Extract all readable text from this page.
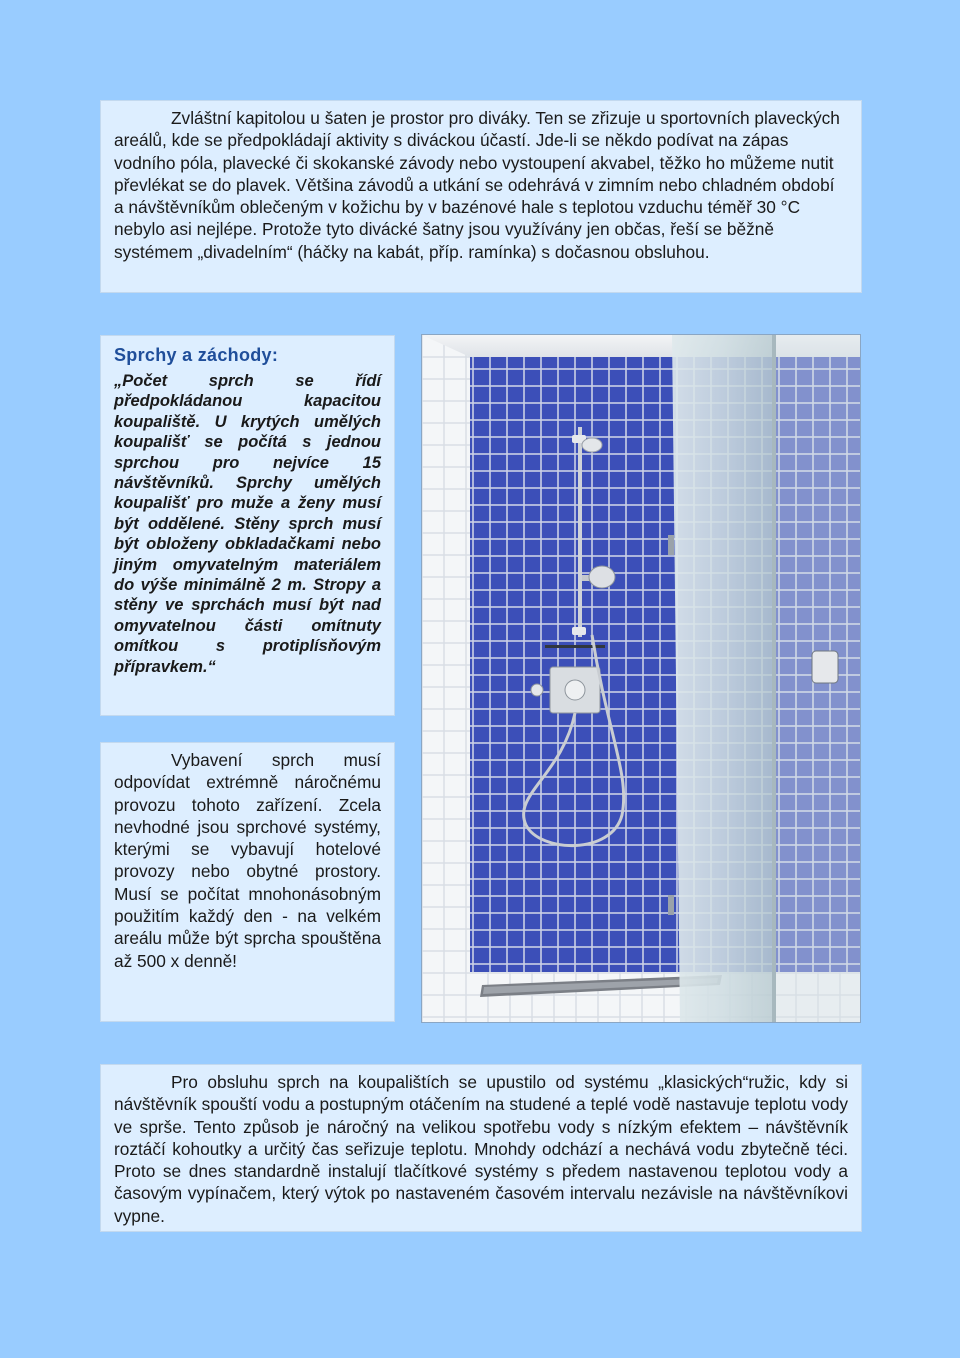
Zvláštní kapitolou u šaten je prostor pro diváky. Ten se zřizuje u sportovních plaveckých areálů, kde se předpokládají aktivity s diváckou účastí. Jde-li se někdo podívat na zápas vodního póla, plavecké či skokanské závody nebo vystoupení akvabel, těžko ho můžeme nutit převlékat se do plavek. Většina závodů a utkání se odehrává v zimním nebo chladném období a návštěvníkům oblečeným v kožichu by v bazénové hale s teplotou vzduchu téměř 30 °C nebylo asi nejlépe. Protože tyto divácké šatny jsou využívány jen občas, řeší se běžně systémem „divadelním“ (háčky na kabát, příp. ramínka) s dočasnou obsluhou.

Sprchy a záchody:

„Počet sprch se řídí předpokládanou kapacitou koupaliště. U krytých umělých koupališť se počítá s jednou sprchou pro nejvíce 15 návštěvníků. Sprchy umělých koupališť pro muže a ženy musí být oddělené. Stěny sprch musí být obloženy obkladačkami nebo jiným omyvatelným materiálem do výše minimálně 2 m. Stropy a stěny ve sprchách musí být nad omyvatelnou části omítnuty omítkou s protiplísňovým přípravkem.“

Vybavení sprch musí odpovídat extrémně náročnému provozu tohoto zařízení. Zcela nevhodné jsou sprchové systémy, kterými se vybavují hotelové provozy nebo obytné prostory. Musí se počítat mnohonásobným použitím každý den - na velkém areálu může být sprcha spouštěna až 500 x denně!

Pro obsluhu sprch na koupalištích se upustilo od systému „klasických“ružic, kdy si návštěvník spouští vodu a postupným otáčením na studené a teplé vodě nastavuje teplotu vody ve sprše. Tento způsob je náročný na velikou spotřebu vody s nízkým efektem – návštěvník roztáčí kohoutky a určitý čas seřizuje teplotu. Mnohdy odchází a nechává vodu zbytečně téci. Proto se dnes standardně instalují tlačítkové systémy s předem nastavenou teplotou vody a časovým vypínačem, který výtok po nastaveném časovém intervalu nezávisle na návštěvníkovi vypne.
